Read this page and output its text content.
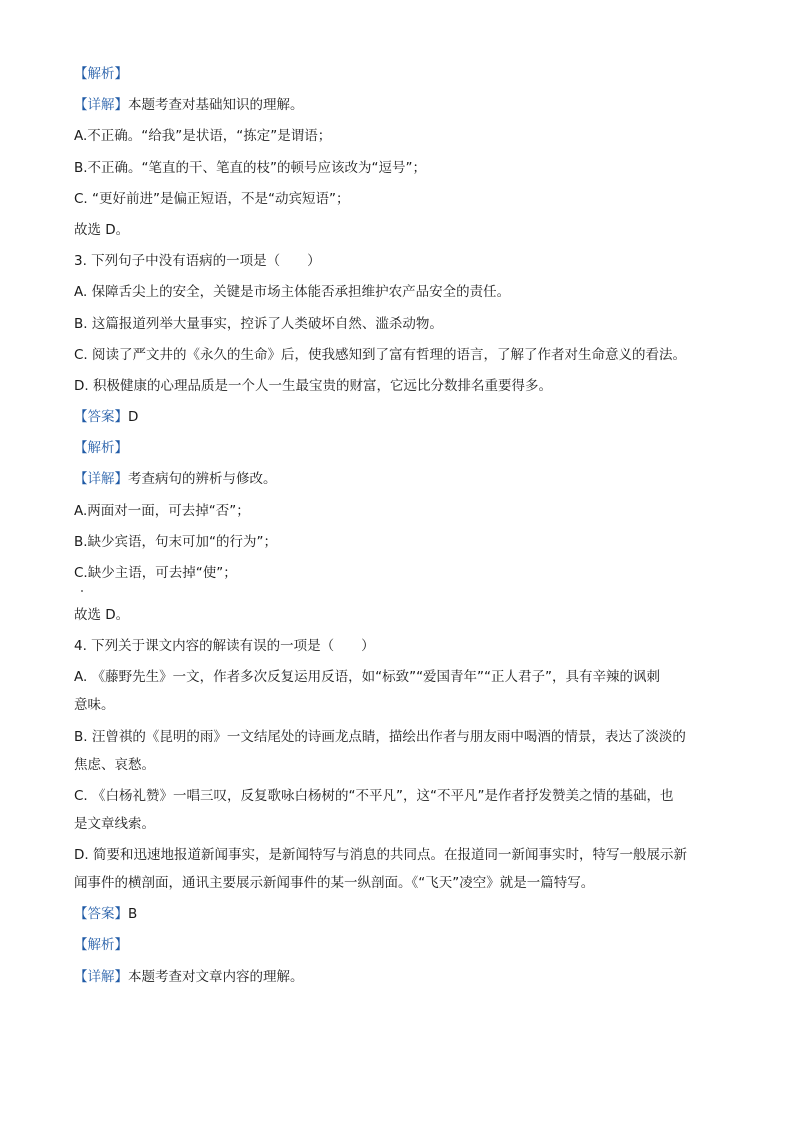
【解析】
【详解】本题考查对基础知识的理解。
A.不正确。“给我”是状语，“拣定”是谓语；
B.不正确。“笔直的干、笔直的枝”的顿号应该改为“逗号”；
C. “更好前进”是偏正短语，不是“动宾短语”；
故选 D。
3. 下列句子中没有语病的一项是（　　）
A. 保障舌尖上的安全，关键是市场主体能否承担维护农产品安全的责任。
B. 这篇报道列举大量事实，控诉了人类破坏自然、滥杀动物。
C. 阅读了严文井的《永久的生命》后，使我感知到了富有哲理的语言，了解了作者对生命意义的看法。
D. 积极健康的心理品质是一个人一生最宝贵的财富，它远比分数排名重要得多。
【答案】D
【解析】
【详解】考查病句的辨析与修改。
A.两面对一面，可去掉“否”；
B.缺少宾语，句末可加“的行为”；
C.缺少主语，可去掉“使”；
故选 D。
4. 下列关于课文内容的解读有误的一项是（　　）
A. 《藤野先生》一文，作者多次反复运用反语，如“标致”“爱国青年”“正人君子”，具有辛辣的讽刺
意味。
B. 汪曾祺的《昆明的雨》一文结尾处的诗画龙点睛，描绘出作者与朋友雨中喝酒的情景，表达了淡淡的
焦虑、哀愁。
C. 《白杨礼赞》一唱三叹，反复歌咏白杨树的“不平凡”，这“不平凡”是作者抒发赞美之情的基础，也
是文章线索。
D. 简要和迅速地报道新闻事实，是新闻特写与消息的共同点。在报道同一新闻事实时，特写一般展示新
闻事件的横剖面，通讯主要展示新闻事件的某一纵剖面。《“飞天”凌空》就是一篇特写。
【答案】B
【解析】
【详解】本题考查对文章内容的理解。
